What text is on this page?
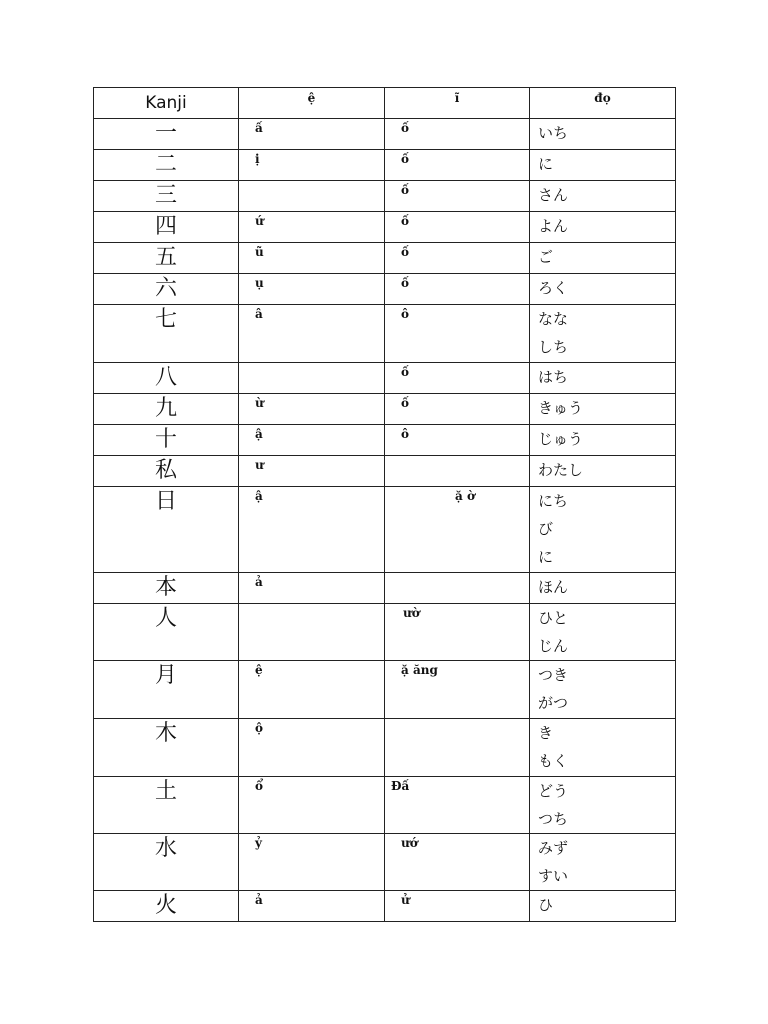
Kanji	ệ	ĩ	đọ
一	ấ	ố	いち

二	ị	ố	に

三		ố	さん

四	ứ	ố	よん

五	ũ	ố	ご

六	ụ	ố	ろく

七	â	ô	なな
しち

八		ố	はち

九	ừ	ố	きゅう

十	ậ	ô	じゅう

私	ư		わたし

日	ậ	ặ ờ	にち
び
に

本	ả		ほん

人		ườ	ひと
じん

月	ệ	ặ ăng	つき
がつ

木	ộ		き
もく

土	ổ	Đấ	どう
つち

水	ỷ	ướ	みず
すい

火	ả	ử	ひ
